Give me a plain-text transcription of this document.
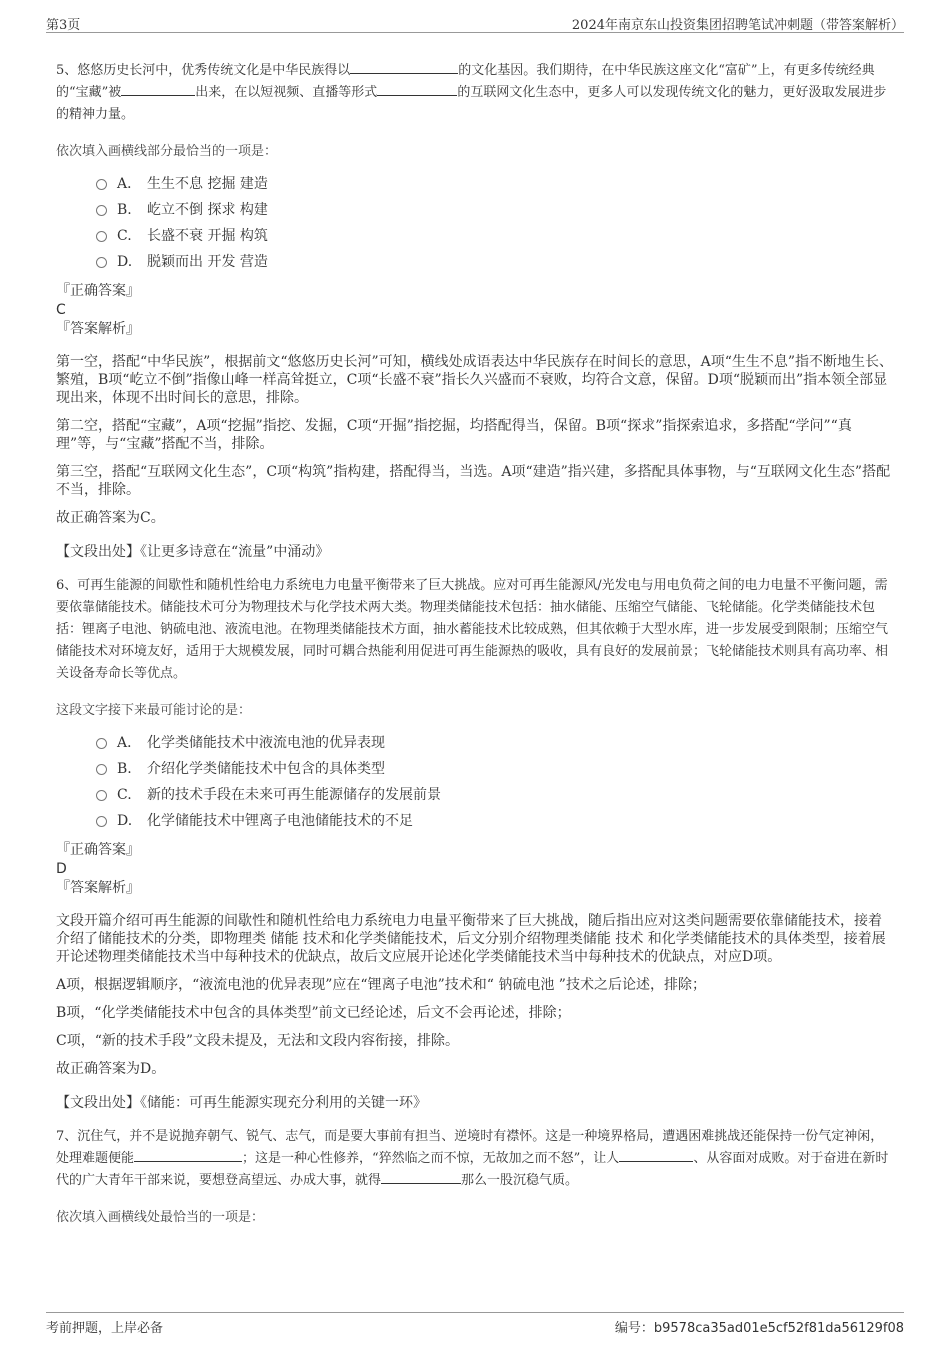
第3页	2024年南京东山投资集团招聘笔试冲刺题（带答案解析）

5、悠悠历史长河中，优秀传统文化是中华民族得以	的文化基因。我们期待，在中华民族这座文化“富矿”上，有更多传统经典的“宝藏”被	出来，在以短视频、直播等形式	的互联网文化生态中，更多人可以发现传统文化的魅力，更好汲取发展进步的精神力量。

依次填入画横线部分最恰当的一项是：

A． 生生不息 挖掘 建造
B.	屹立不倒 探求 构建
C.	长盛不衰 开掘 构筑
D.	脱颖而出 开发 营造

『正确答案』

C

『答案解析』

第一空，搭配“中华民族”，根据前文“悠悠历史长河”可知，横线处成语表达中华民族存在时间长的意思，A项“生生不息”指不断地生长、繁殖，B项“屹立不倒”指像山峰一样高耸挺立，C项“长盛不衰”指长久兴盛而不衰败，均符合文意，保留。D项“脱颖而出”指本领全部显现出来，体现不出时间长的意思，排除。

第二空，搭配“宝藏”，A项“挖掘”指挖、发掘，C项“开掘”指挖掘，均搭配得当，保留。B项“探求”指探索追求，多搭配“学问”“真理”等，与“宝藏”搭配不当，排除。

第三空，搭配“互联网文化生态”，C项“构筑”指构建，搭配得当，当选。A项“建造”指兴建，多搭配具体事物，与“互联网文化生态”搭配不当，排除。

故正确答案为C。

【文段出处】《让更多诗意在“流量”中涌动》

6、可再生能源的间歇性和随机性给电力系统电力电量平衡带来了巨大挑战。应对可再生能源风/光发电与用电负荷之间的电力电量不平衡问题，需要依靠储能技术。储能技术可分为物理技术与化学技术两大类。物理类储能技术包括：抽水储能、压缩空气储能、飞轮储能。化学类储能技术包括：锂离子电池、钠硫电池、液流电池。在物理类储能技术方面，抽水蓄能技术比较成熟，但其依赖于大型水库，进一步发展受到限制；压缩空气储能技术对环境友好，适用于大规模发展，同时可耦合热能利用促进可再生能源热的吸收，具有良好的发展前景；飞轮储能技术则具有高功率、相关设备寿命长等优点。

这段文字接下来最可能讨论的是：

A． 化学类储能技术中液流电池的优异表现
B.	介绍化学类储能技术中包含的具体类型
C.	新的技术手段在未来可再生能源储存的发展前景
D.	化学储能技术中锂离子电池储能技术的不足

『正确答案』

D

『答案解析』

文段开篇介绍可再生能源的间歇性和随机性给电力系统电力电量平衡带来了巨大挑战，随后指出应对这类问题需要依靠储能技术，接着介绍了储能技术的分类，即物理类 储能 技术和化学类储能技术，后文分别介绍物理类储能 技术 和化学类储能技术的具体类型，接着展开论述物理类储能技术当中每种技术的优缺点，故后文应展开论述化学类储能技术当中每种技术的优缺点，对应D项。

A项，根据逻辑顺序，“液流电池的优异表现”应在“锂离子电池”技术和“ 钠硫电池 ”技术之后论述，排除；

B项，“化学类储能技术中包含的具体类型”前文已经论述，后文不会再论述，排除；

C项，“新的技术手段”文段未提及，无法和文段内容衔接，排除。

故正确答案为D。

【文段出处】《储能：可再生能源实现充分利用的关键一环》

7、沉住气，并不是说抛弃朝气、锐气、志气，而是要大事前有担当、逆境时有襟怀。这是一种境界格局，遭遇困难挑战还能保持一份气定神闲，处理难题便能	；这是一种心性修养，“猝然临之而不惊，无故加之而不怒”，让人	、从容面对成败。对于奋进在新时代的广大青年干部来说，要想登高望远、办成大事，就得	那么一股沉稳气质。

依次填入画横线处最恰当的一项是：

考前押题，上岸必备	编号：b9578ca35ad01e5cf52f81da56129f08
